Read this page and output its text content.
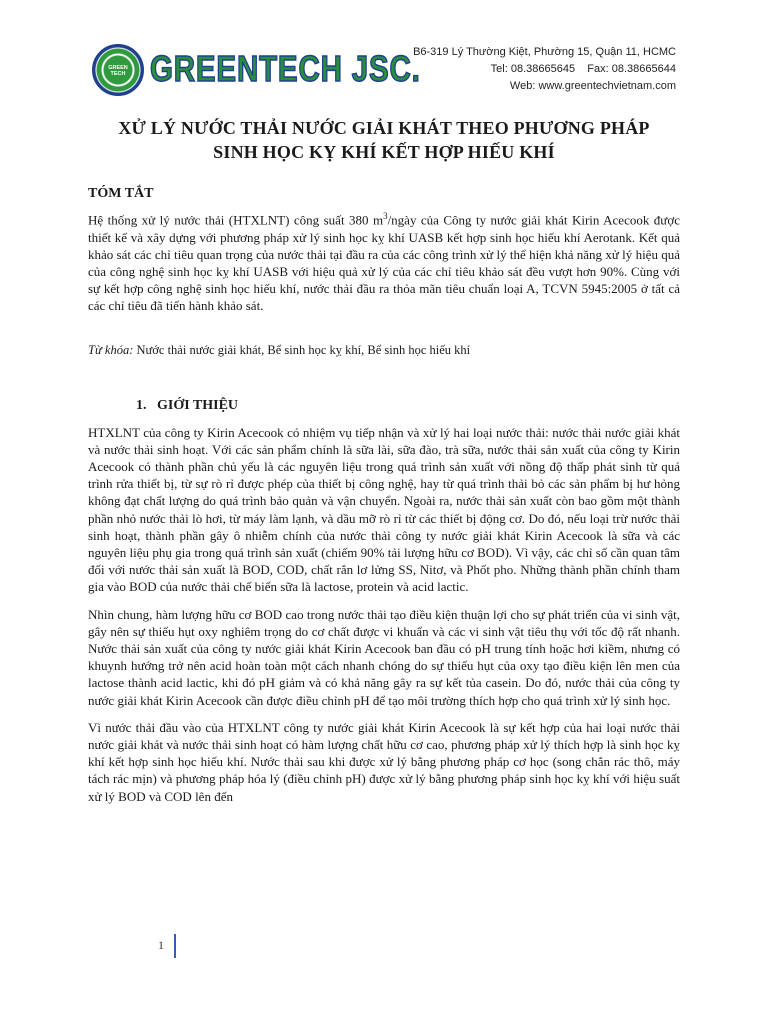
GREEN TECH GREENTECH JSC.
B6-319 Lý Thường Kiệt, Phường 15, Quận 11, HCMC
Tel: 08.38665645    Fax: 08.38665644
Web: www.greentechvietnam.com
XỬ LÝ NƯỚC THẢI NƯỚC GIẢI KHÁT THEO PHƯƠNG PHÁP
SINH HỌC KỴ KHÍ KẾT HỢP HIẾU KHÍ
TÓM TẮT

Hệ thống xử lý nước thải (HTXLNT) công suất 380 $m^3$/ngày của Công ty nước giải khát Kirin Acecook được thiết kế và xây dựng với phương pháp xử lý sinh học kỵ khí UASB kết hợp sinh học hiếu khí Aerotank. Kết quả khảo sát các chỉ tiêu quan trọng của nước thải tại đầu ra của các công trình xử lý thể hiện khả năng xử lý hiệu quả của công nghệ sinh học kỵ khí UASB với hiệu quả xử lý của các chỉ tiêu khảo sát đều vượt hơn 90%. Cùng với sự kết hợp công nghệ sinh học hiếu khí, nước thải đầu ra thỏa mãn tiêu chuẩn loại A, TCVN 5945:2005 ở tất cả các chỉ tiêu đã tiến hành khảo sát.

Từ khóa: Nước thải nước giải khát, Bể sinh học kỵ khí, Bể sinh học hiếu khí
1.   GIỚI THIỆU

HTXLNT của công ty Kirin Acecook có nhiệm vụ tiếp nhận và xử lý hai loại nước thải: nước thải nước giải khát và nước thải sinh hoạt. Với các sản phẩm chính là sữa lài, sữa đào, trà sữa, nước thải sản xuất của công ty Kirin Acecook có thành phần chủ yếu là các nguyên liệu trong quá trình sản xuất với nồng độ thấp phát sinh từ quá trình rửa thiết bị, từ sự rò rỉ được phép của thiết bị công nghệ, hay từ quá trình thải bỏ các sản phẩm bị hư hỏng không đạt chất lượng do quá trình bảo quản và vận chuyển. Ngoài ra, nước thải sản xuất còn bao gồm một thành phần nhỏ nước thải lò hơi, từ máy làm lạnh, và dầu mỡ rò rỉ từ các thiết bị động cơ. Do đó, nếu loại trừ nước thải sinh hoạt, thành phần gây ô nhiễm chính của nước thải công ty nước giải khát Kirin Acecook là sữa và các nguyên liệu phụ gia trong quá trình sản xuất (chiếm 90% tải lượng hữu cơ BOD). Vì vậy, các chỉ số cần quan tâm đối với nước thải sản xuất là BOD, COD, chất rắn lơ lửng SS, Nitơ, và Phốt pho. Những thành phần chính tham gia vào BOD của nước thải chế biến sữa là lactose, protein và acid lactic.

Nhìn chung, hàm lượng hữu cơ BOD cao trong nước thải tạo điều kiện thuận lợi cho sự phát triển của vi sinh vật, gây nên sự thiếu hụt oxy nghiêm trọng do cơ chất được vi khuẩn và các vi sinh vật tiêu thụ với tốc độ rất nhanh. Nước thải sản xuất của công ty nước giải khát Kirin Acecook ban đầu có pH trung tính hoặc hơi kiềm, nhưng có khuynh hướng trở nên acid hoàn toàn một cách nhanh chóng do sự thiếu hụt của oxy tạo điều kiện lên men của lactose thành acid lactic, khi đó pH giảm và có khả năng gây ra sự kết tủa casein. Do đó, nước thải của công ty nước giải khát Kirin Acecook cần được điều chỉnh pH để tạo môi trường thích hợp cho quá trình xử lý sinh học.

Vì nước thải đầu vào của HTXLNT công ty nước giải khát Kirin Acecook là sự kết hợp của hai loại nước thải nước giải khát và nước thải sinh hoạt có hàm lượng chất hữu cơ cao, phương pháp xử lý thích hợp là sinh học kỵ khí kết hợp sinh học hiếu khí. Nước thải sau khi được xử lý bằng phương pháp cơ học (song chắn rác thô, máy tách rác mịn) và phương pháp hóa lý (điều chỉnh pH) được xử lý bằng phương pháp sinh học kỵ khí với hiệu suất xử lý BOD và COD lên đến

1
